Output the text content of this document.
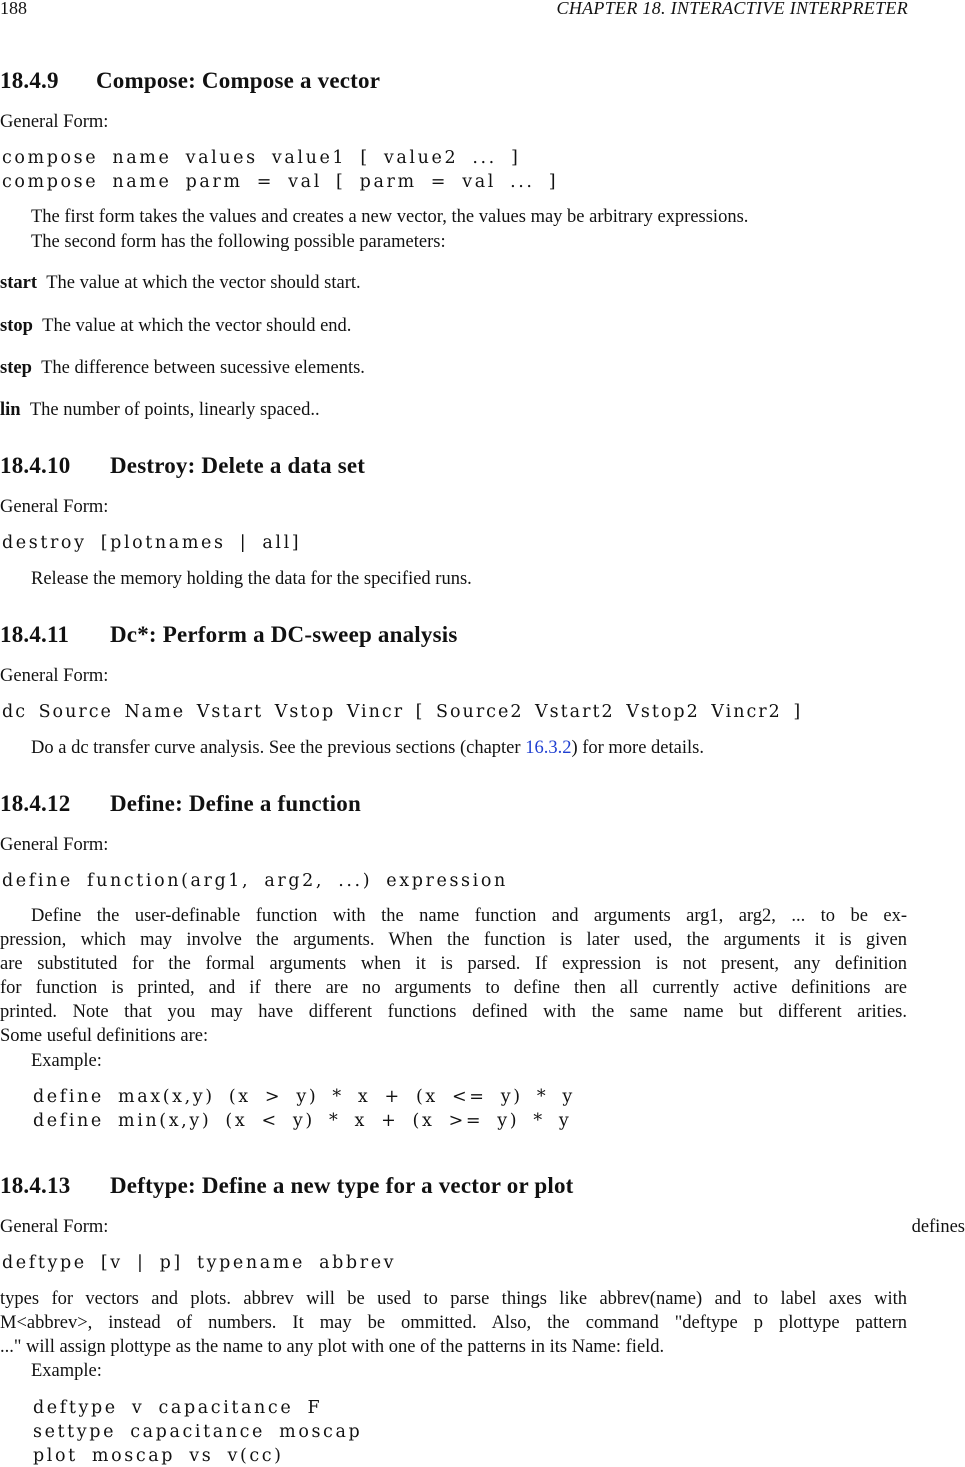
188	CHAPTER 18. INTERACTIVE INTERPRETER
18.4.9 Compose: Compose a vector
General Form:
compose name values value1 [ value2 ... ]
compose name parm = val [ parm = val ... ]
The first form takes the values and creates a new vector, the values may be arbitrary expressions.
The second form has the following possible parameters:
start The value at which the vector should start.
stop The value at which the vector should end.
step The difference between sucessive elements.
lin The number of points, linearly spaced..
18.4.10 Destroy: Delete a data set
General Form:
destroy [plotnames | all]
Release the memory holding the data for the specified runs.
18.4.11 Dc*: Perform a DC-sweep analysis
General Form:
dc Source Name Vstart Vstop Vincr [ Source2 Vstart2 Vstop2 Vincr2 ]
Do a dc transfer curve analysis. See the previous sections (chapter 16.3.2) for more details.
18.4.12 Define: Define a function
General Form:
define function(arg1, arg2, ...) expression
Define the user-definable function with the name function and arguments arg1, arg2, ... to be ex-
pression, which may involve the arguments. When the function is later used, the arguments it is given
are substituted for the formal arguments when it is parsed. If expression is not present, any definition
for function is printed, and if there are no arguments to define then all currently active definitions are
printed. Note that you may have different functions defined with the same name but different arities.
Some useful definitions are:
Example:
define max(x,y) (x > y) * x + (x <= y) * y
define min(x,y) (x < y) * x + (x >= y) * y
18.4.13 Deftype: Define a new type for a vector or plot
General Form:	defines
deftype [v | p] typename abbrev
types for vectors and plots. abbrev will be used to parse things like abbrev(name) and to label axes with
M<abbrev>, instead of numbers. It may be ommitted. Also, the command "deftype p plottype pattern
..." will assign plottype as the name to any plot with one of the patterns in its Name: field.
Example:
deftype v capacitance F
settype capacitance moscap
plot moscap vs v(cc)
